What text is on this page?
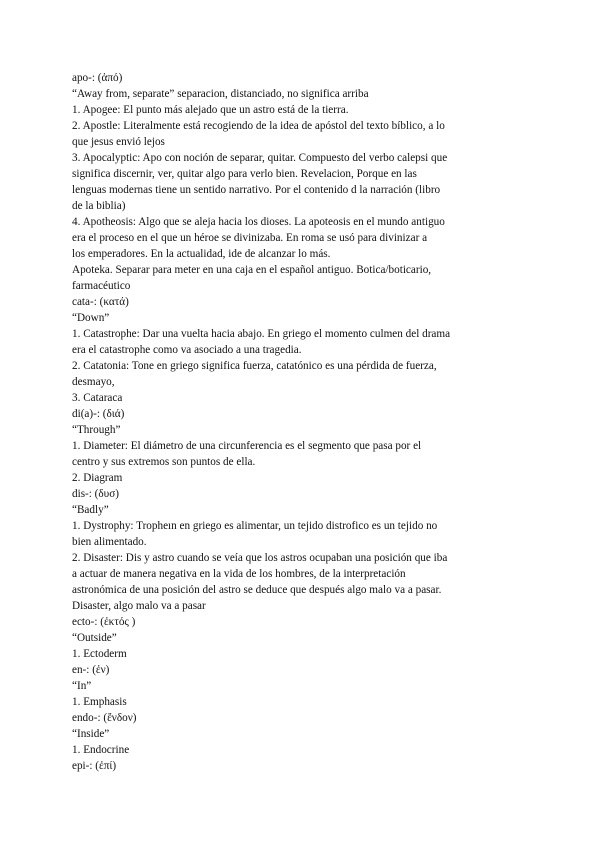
apo-: (ἀπό)
“Away from, separate” separacion, distanciado, no significa arriba
1. Apogee: El punto más alejado que un astro está de la tierra.
2. Apostle: Literalmente está recogiendo de la idea de apóstol del texto bíblico, a lo
que jesus envió lejos
3. Apocalyptic: Apo con noción de separar, quitar. Compuesto del verbo calepsi que
significa discernir, ver, quitar algo para verlo bien. Revelacion, Porque en las
lenguas modernas tiene un sentido narrativo. Por el contenido d la narración (libro
de la biblia)
4. Apotheosis: Algo que se aleja hacia los dioses. La apoteosis en el mundo antiguo
era el proceso en el que un héroe se divinizaba. En roma se usó para divinizar a
los emperadores. En la actualidad, ide de alcanzar lo más.
Apoteka. Separar para meter en una caja en el español antiguo. Botica/boticario,
farmacéutico
cata-: (κατά)
“Down”
1. Catastrophe: Dar una vuelta hacia abajo. En griego el momento culmen del drama
era el catastrophe como va asociado a una tragedia.
2. Catatonia: Tone en griego significa fuerza, catatónico es una pérdida de fuerza,
desmayo,
3. Cataraca
di(a)-: (διά)
“Through”
1. Diameter: El diámetro de una circunferencia es el segmento que pasa por el
centro y sus extremos son puntos de ella.
2. Diagram
dis-: (δυσ)
“Badly”
1. Dystrophy: Tropheın en griego es alimentar, un tejido distrofico es un tejido no
bien alimentado.
2. Disaster: Dis y astro cuando se veía que los astros ocupaban una posición que iba
a actuar de manera negativa en la vida de los hombres, de la interpretación
astronómica de una posición del astro se deduce que después algo malo va a pasar.
Disaster, algo malo va a pasar
ecto-: (ἐκτός )
“Outside”
1. Ectoderm
en-: (ἐν)
“In”
1. Emphasis
endo-: (ἔνδον)
“Inside”
1. Endocrine
epi-: (ἐπί)
